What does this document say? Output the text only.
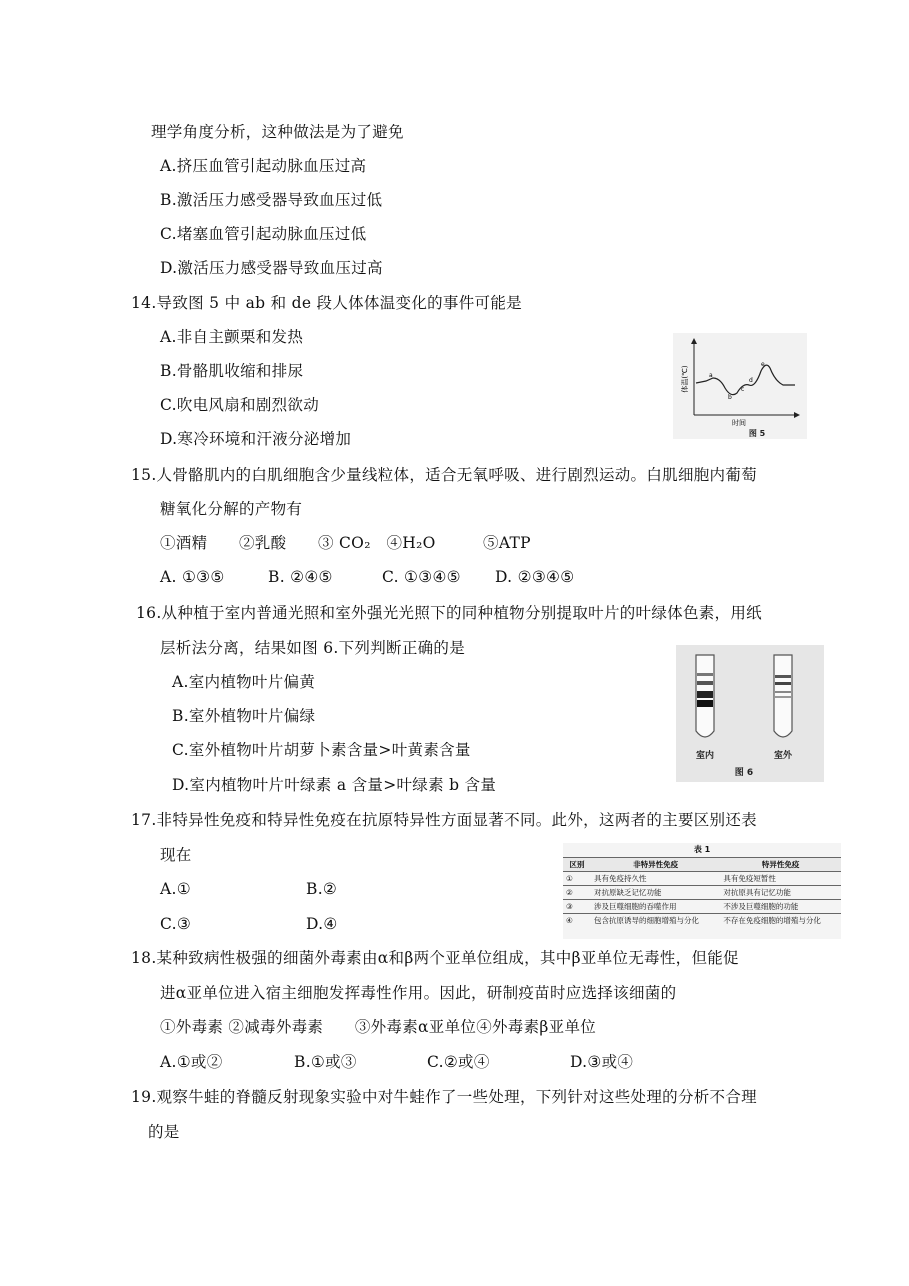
理学角度分析，这种做法是为了避免
A.挤压血管引起动脉血压过高
B.激活压力感受器导致血压过低
C.堵塞血管引起动脉血压过低
D.激活压力感受器导致血压过高
14.导致图 5 中 ab 和 de 段人体体温变化的事件可能是
A.非自主颤栗和发热
B.骨骼肌收缩和排尿
C.吹电风扇和剧烈欲动
D.寒冷环境和汗液分泌增加
体温(℃)	a
b
c
d
e
时间
图 5
15.人骨骼肌内的白肌细胞含少量线粒体，适合无氧呼吸、进行剧烈运动。白肌细胞内葡萄
糖氧化分解的产物有
①酒精　　②乳酸　　③ CO₂　④H₂O　　　⑤ATP
A. ①③⑤	B. ②④⑤	C. ①③④⑤ D. ②③④⑤
16.从种植于室内普通光照和室外强光光照下的同种植物分别提取叶片的叶绿体色素，用纸
层析法分离，结果如图 6.下列判断正确的是
A.室内植物叶片偏黄
B.室外植物叶片偏绿
C.室外植物叶片胡萝卜素含量>叶黄素含量
D.室内植物叶片叶绿素 a 含量>叶绿素 b 含量
室内	室外
图 6
17.非特异性免疫和特异性免疫在抗原特异性方面显著不同。此外，这两者的主要区别还表
现在
A.①	B.②
C.③	D.④
表 1
区别	非特异性免疫	特异性免疫
①	具有免疫持久性	具有免疫短暂性
②	对抗原缺乏记忆功能	对抗原具有记忆功能
③	涉及巨噬细胞的吞噬作用	不涉及巨噬细胞的功能
④	包含抗原诱导的细胞增殖与分化	不存在免疫细胞的增殖与分化
18.某种致病性极强的细菌外毒素由α和β两个亚单位组成，其中β亚单位无毒性，但能促
进α亚单位进入宿主细胞发挥毒性作用。因此，研制疫苗时应选择该细菌的
①外毒素 ②减毒外毒素　　③外毒素α亚单位④外毒素β亚单位
A.①或②	B.①或③	C.②或④	D.③或④
19.观察牛蛙的脊髓反射现象实验中对牛蛙作了一些处理，下列针对这些处理的分析不合理
的是
